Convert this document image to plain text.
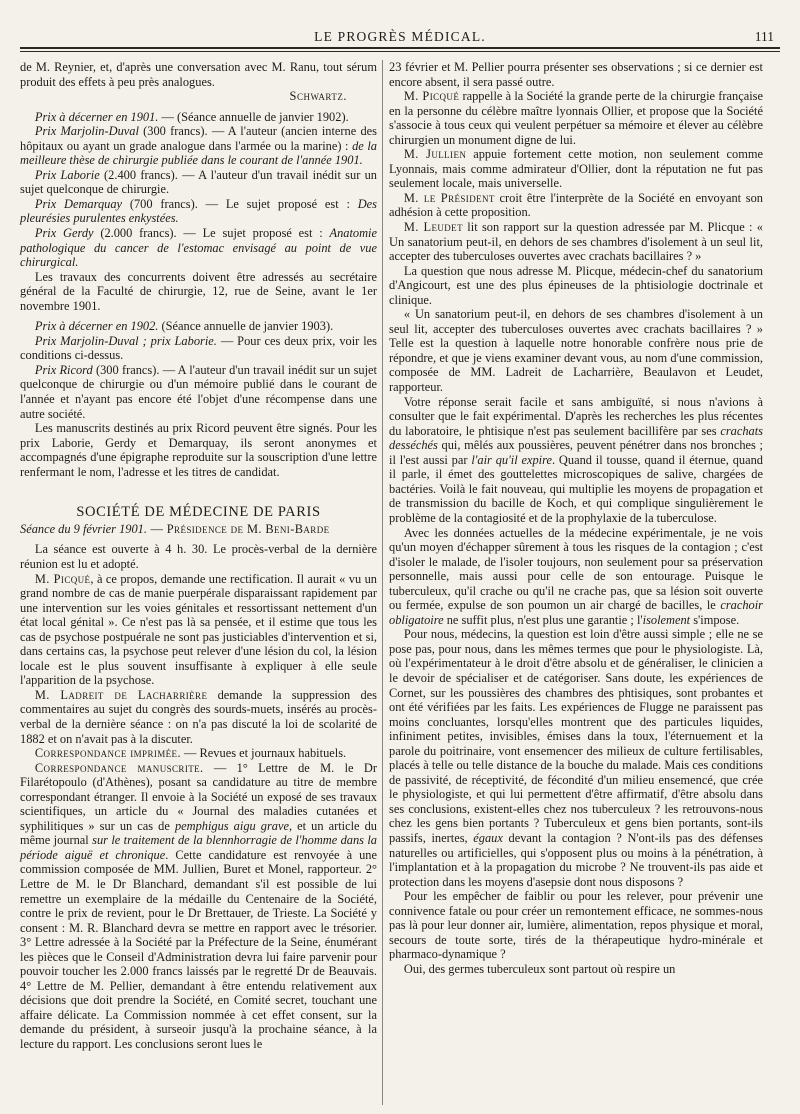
LE PROGRÈS MÉDICAL.	111

de M. Reynier, et, d'après une conversation avec M. Ranu, tout sérum produit des effets à peu près analogues.

Schwartz.

Prix à décerner en 1901. — (Séance annuelle de janvier 1902).

Prix Marjolin-Duval (300 francs). — A l'auteur (ancien interne des hôpitaux ou ayant un grade analogue dans l'armée ou la marine) : de la meilleure thèse de chirurgie publiée dans le courant de l'année 1901.

Prix Laborie (2.400 francs). — A l'auteur d'un travail inédit sur un sujet quelconque de chirurgie.

Prix Demarquay (700 francs). — Le sujet proposé est : Des pleurésies purulentes enkystées.

Prix Gerdy (2.000 francs). — Le sujet proposé est : Anatomie pathologique du cancer de l'estomac envisagé au point de vue chirurgical.

Les travaux des concurrents doivent être adressés au secrétaire général de la Faculté de chirurgie, 12, rue de Seine, avant le 1er novembre 1901.

Prix à décerner en 1902. (Séance annuelle de janvier 1903).

Prix Marjolin-Duval ; prix Laborie. — Pour ces deux prix, voir les conditions ci-dessus.

Prix Ricord (300 francs). — A l'auteur d'un travail inédit sur un sujet quelconque de chirurgie ou d'un mémoire publié dans le courant de l'année et n'ayant pas encore été l'objet d'une récompense dans une autre société.

Les manuscrits destinés au prix Ricord peuvent être signés. Pour les prix Laborie, Gerdy et Demarquay, ils seront anonymes et accompagnés d'une épigraphe reproduite sur la souscription d'une lettre renfermant le nom, l'adresse et les titres de candidat.

SOCIÉTÉ DE MÉDECINE DE PARIS

Séance du 9 février 1901. — Présidence de M. Beni-Barde

La séance est ouverte à 4 h. 30. Le procès-verbal de la dernière réunion est lu et adopté.

M. Picqué, à ce propos, demande une rectification. Il aurait « vu un grand nombre de cas de manie puerpérale disparaissant rapidement par une intervention sur les voies génitales et ressortissant nettement d'un état local génital ». Ce n'est pas là sa pensée, et il estime que tous les cas de psychose postpuérale ne sont pas justiciables d'intervention et si, dans certains cas, la psychose peut relever d'une lésion du col, la lésion locale est le plus souvent insuffisante à expliquer à elle seule l'apparition de la psychose.

M. Ladreit de Lacharrière demande la suppression des commentaires au sujet du congrès des sourds-muets, insérés au procès-verbal de la dernière séance : on n'a pas discuté la loi de scolarité de 1882 et on n'avait pas à la discuter.

Correspondance imprimée. — Revues et journaux habituels.

Correspondance manuscrite. — 1° Lettre de M. le Dr Filarétopoulo (d'Athènes), posant sa candidature au titre de membre correspondant étranger. Il envoie à la Société un exposé de ses travaux scientifiques, un article du « Journal des maladies cutanées et syphilitiques » sur un cas de pemphigus aigu grave, et un article du même journal sur le traitement de la blennhorragie de l'homme dans la période aiguë et chronique. Cette candidature est renvoyée à une commission composée de MM. Jullien, Buret et Monel, rapporteur. 2° Lettre de M. le Dr Blanchard, demandant s'il est possible de lui remettre un exemplaire de la médaille du Centenaire de la Société, contre le prix de revient, pour le Dr Brettauer, de Trieste. La Société y consent : M. R. Blanchard devra se mettre en rapport avec le trésorier. 3° Lettre adressée à la Société par la Préfecture de la Seine, énumérant les pièces que le Conseil d'Administration devra lui faire parvenir pour pouvoir toucher les 2.000 francs laissés par le regretté Dr de Beauvais. 4° Lettre de M. Pellier, demandant à être entendu relativement aux décisions que doit prendre la Société, en Comité secret, touchant une affaire délicate. La Commission nommée à cet effet consent, sur la demande du président, à surseoir jusqu'à la prochaine séance, à la lecture du rapport. Les conclusions seront lues le

23 février et M. Pellier pourra présenter ses observations ; si ce dernier est encore absent, il sera passé outre.

M. Picqué rappelle à la Société la grande perte de la chirurgie française en la personne du célèbre maître lyonnais Ollier, et propose que la Société s'associe à tous ceux qui veulent perpétuer sa mémoire et élever au célèbre chirurgien un monument digne de lui.

M. Jullien appuie fortement cette motion, non seulement comme Lyonnais, mais comme admirateur d'Ollier, dont la réputation ne fut pas seulement locale, mais universelle.

M. le Président croit être l'interprète de la Société en envoyant son adhésion à cette proposition.

M. Leudet lit son rapport sur la question adressée par M. Plicque : « Un sanatorium peut-il, en dehors de ses chambres d'isolement à un seul lit, accepter des tuberculoses ouvertes avec crachats bacillaires ? »

La question que nous adresse M. Plicque, médecin-chef du sanatorium d'Angicourt, est une des plus épineuses de la phtisiologie doctrinale et clinique.

« Un sanatorium peut-il, en dehors de ses chambres d'isolement à un seul lit, accepter des tuberculoses ouvertes avec crachats bacillaires ? » Telle est la question à laquelle notre honorable confrère nous prie de répondre, et que je viens examiner devant vous, au nom d'une commission, composée de MM. Ladreit de Lacharrière, Beaulavon et Leudet, rapporteur.

Votre réponse serait facile et sans ambiguïté, si nous n'avions à consulter que le fait expérimental. D'après les recherches les plus récentes du laboratoire, le phtisique n'est pas seulement bacillifère par ses crachats desséchés qui, mêlés aux poussières, peuvent pénétrer dans nos bronches ; il l'est aussi par l'air qu'il expire. Quand il tousse, quand il éternue, quand il parle, il émet des gouttelettes microscopiques de salive, chargées de bactéries. Voilà le fait nouveau, qui multiplie les moyens de propagation et de transmission du bacille de Koch, et qui complique singulièrement le problème de la contagiosité et de la prophylaxie de la tuberculose.

Avec les données actuelles de la médecine expérimentale, je ne vois qu'un moyen d'échapper sûrement à tous les risques de la contagion ; c'est d'isoler le malade, de l'isoler toujours, non seulement pour sa préservation personnelle, mais aussi pour celle de son entourage. Puisque le tuberculeux, qu'il crache ou qu'il ne crache pas, que sa lésion soit ouverte ou fermée, expulse de son poumon un air chargé de bacilles, le crachoir obligatoire ne suffit plus, n'est plus une garantie ; l'isolement s'impose.

Pour nous, médecins, la question est loin d'être aussi simple ; elle ne se pose pas, pour nous, dans les mêmes termes que pour le physiologiste. Là, où l'expérimentateur à le droit d'être absolu et de généraliser, le clinicien a le devoir de spécialiser et de catégoriser. Sans doute, les expériences de Cornet, sur les poussières des chambres des phtisiques, sont probantes et ont été vérifiées par les faits. Les expériences de Flugge ne paraissent pas moins concluantes, lorsqu'elles montrent que des particules liquides, infiniment petites, invisibles, émises dans la toux, l'éternuement et la parole du poitrinaire, vont ensemencer des milieux de culture fertilisables, placés à telle ou telle distance de la bouche du malade. Mais ces conditions de passivité, de réceptivité, de fécondité d'un milieu ensemencé, que crée le physiologiste, et qui lui permettent d'être affirmatif, d'être absolu dans ses conclusions, existent-elles chez nos tuberculeux ? les retrouvons-nous chez les gens bien portants ? Tuberculeux et gens bien portants, sont-ils passifs, inertes, égaux devant la contagion ? N'ont-ils pas des défenses naturelles ou artificielles, qui s'opposent plus ou moins à la pénétration, à l'implantation et à la propagation du microbe ? Ne trouvent-ils pas aide et protection dans les moyens d'asepsie dont nous disposons ?

Pour les empêcher de faiblir ou pour les relever, pour prévenir une connivence fatale ou pour créer un remontement efficace, ne sommes-nous pas là pour leur donner air, lumière, alimentation, repos physique et moral, secours de toute sorte, tirés de la thérapeutique hydro-minérale et pharmaco-dynamique ?

Oui, des germes tuberculeux sont partout où respire un
